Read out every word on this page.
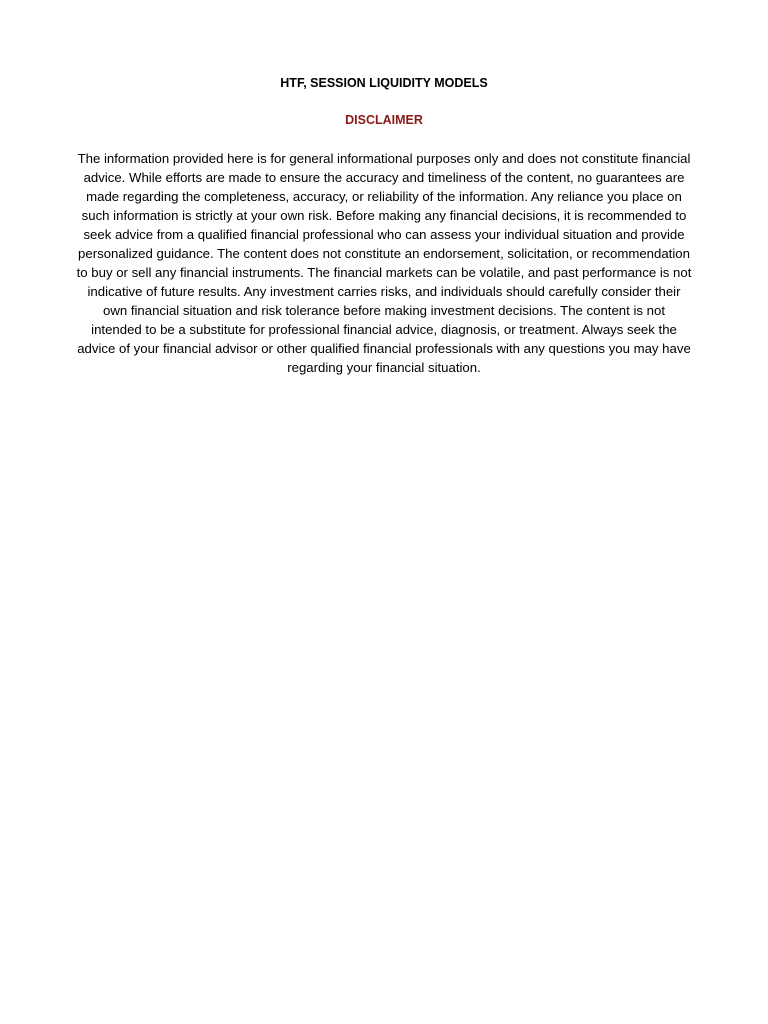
HTF, SESSION LIQUIDITY MODELS
DISCLAIMER
The information provided here is for general informational purposes only and does not constitute financial advice. While efforts are made to ensure the accuracy and timeliness of the content, no guarantees are made regarding the completeness, accuracy, or reliability of the information. Any reliance you place on such information is strictly at your own risk. Before making any financial decisions, it is recommended to seek advice from a qualified financial professional who can assess your individual situation and provide personalized guidance. The content does not constitute an endorsement, solicitation, or recommendation to buy or sell any financial instruments. The financial markets can be volatile, and past performance is not indicative of future results. Any investment carries risks, and individuals should carefully consider their own financial situation and risk tolerance before making investment decisions. The content is not intended to be a substitute for professional financial advice, diagnosis, or treatment. Always seek the advice of your financial advisor or other qualified financial professionals with any questions you may have regarding your financial situation.
